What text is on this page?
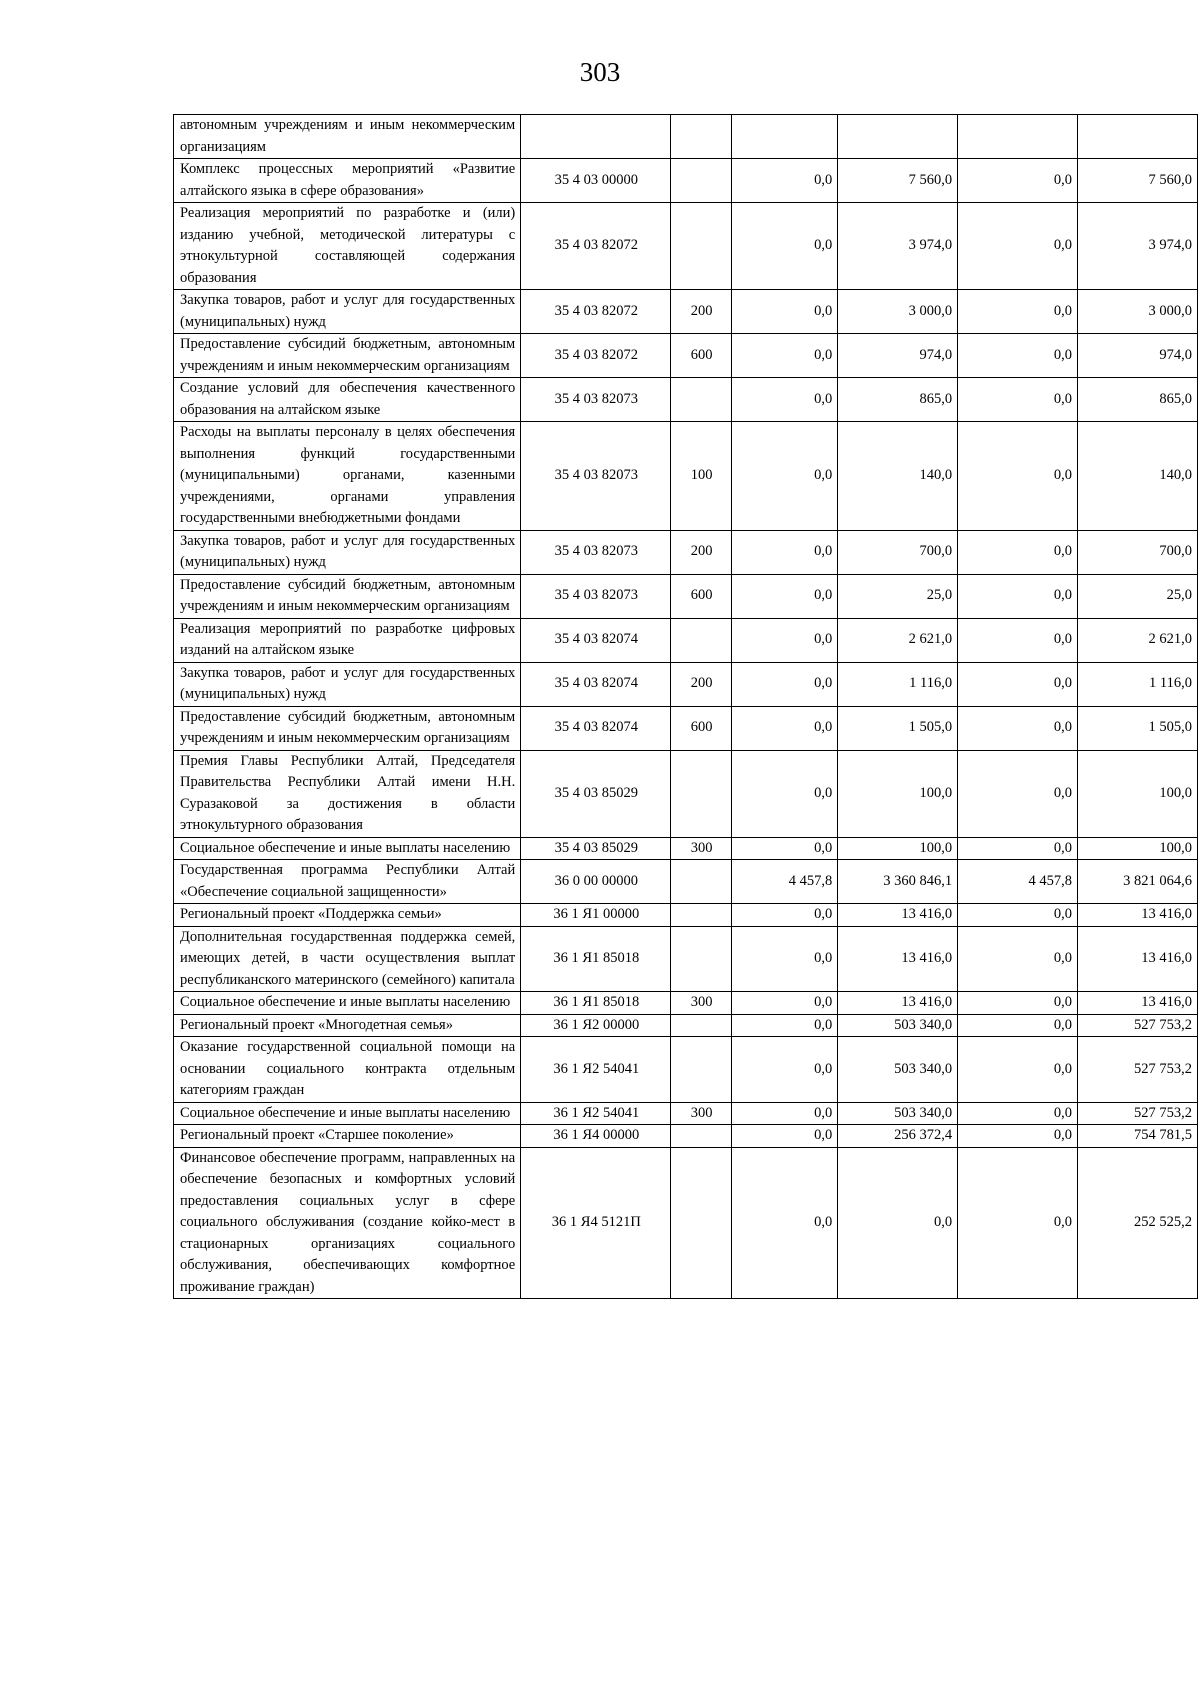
303
автономным учреждениям и иным некоммерческим организациям						
Комплекс процессных мероприятий «Развитие алтайского языка в сфере образования»	35 4 03 00000		0,0	7 560,0	0,0	7 560,0
Реализация мероприятий по разработке и (или) изданию учебной, методической литературы с этнокультурной составляющей содержания образования	35 4 03 82072		0,0	3 974,0	0,0	3 974,0
Закупка товаров, работ и услуг для государственных (муниципальных) нужд	35 4 03 82072	200	0,0	3 000,0	0,0	3 000,0
Предоставление субсидий бюджетным, автономным учреждениям и иным некоммерческим организациям	35 4 03 82072	600	0,0	974,0	0,0	974,0
Создание условий для обеспечения качественного образования на алтайском языке	35 4 03 82073		0,0	865,0	0,0	865,0
Расходы на выплаты персоналу в целях обеспечения выполнения функций государственными (муниципальными) органами, казенными учреждениями, органами управления государственными внебюджетными фондами	35 4 03 82073	100	0,0	140,0	0,0	140,0
Закупка товаров, работ и услуг для государственных (муниципальных) нужд	35 4 03 82073	200	0,0	700,0	0,0	700,0
Предоставление субсидий бюджетным, автономным учреждениям и иным некоммерческим организациям	35 4 03 82073	600	0,0	25,0	0,0	25,0
Реализация мероприятий по разработке цифровых изданий на алтайском языке	35 4 03 82074		0,0	2 621,0	0,0	2 621,0
Закупка товаров, работ и услуг для государственных (муниципальных) нужд	35 4 03 82074	200	0,0	1 116,0	0,0	1 116,0
Предоставление субсидий бюджетным, автономным учреждениям и иным некоммерческим организациям	35 4 03 82074	600	0,0	1 505,0	0,0	1 505,0
Премия Главы Республики Алтай, Председателя Правительства Республики Алтай имени Н.Н. Суразаковой за достижения в области этнокультурного образования	35 4 03 85029		0,0	100,0	0,0	100,0
Социальное обеспечение и иные выплаты населению	35 4 03 85029	300	0,0	100,0	0,0	100,0
Государственная программа Республики Алтай «Обеспечение социальной защищенности»	36 0 00 00000		4 457,8	3 360 846,1	4 457,8	3 821 064,6
Региональный проект «Поддержка семьи»	36 1 Я1 00000		0,0	13 416,0	0,0	13 416,0
Дополнительная государственная поддержка семей, имеющих детей, в части осуществления выплат республиканского материнского (семейного) капитала	36 1 Я1 85018		0,0	13 416,0	0,0	13 416,0
Социальное обеспечение и иные выплаты населению	36 1 Я1 85018	300	0,0	13 416,0	0,0	13 416,0
Региональный проект «Многодетная семья»	36 1 Я2 00000		0,0	503 340,0	0,0	527 753,2
Оказание государственной социальной помощи на основании социального контракта отдельным категориям граждан	36 1 Я2 54041		0,0	503 340,0	0,0	527 753,2
Социальное обеспечение и иные выплаты населению	36 1 Я2 54041	300	0,0	503 340,0	0,0	527 753,2
Региональный проект «Старшее поколение»	36 1 Я4 00000		0,0	256 372,4	0,0	754 781,5
Финансовое обеспечение программ, направленных на обеспечение безопасных и комфортных условий предоставления социальных услуг в сфере социального обслуживания (создание койко-мест в стационарных организациях социального обслуживания, обеспечивающих комфортное проживание граждан)	36 1 Я4 5121П		0,0	0,0	0,0	252 525,2
